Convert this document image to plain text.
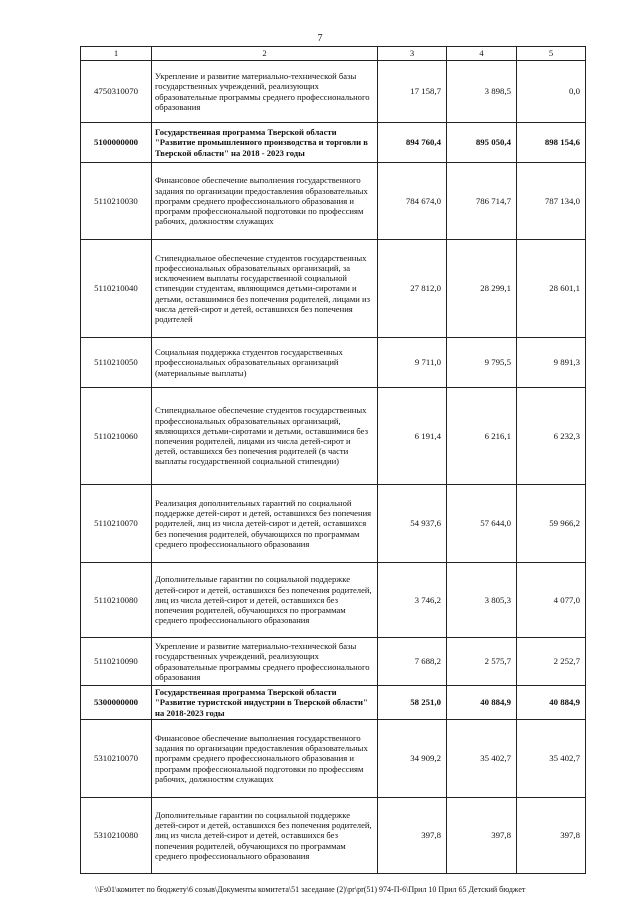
7
1	2	3	4	5
4750310070	Укрепление и развитие материально-технической базы государственных учреждений, реализующих образовательные программы среднего профессионального образования	17 158,7	3 898,5	0,0
5100000000	Государственная программа Тверской области "Развитие промышленного производства и торговли в Тверской области" на 2018 - 2023 годы	894 760,4	895 050,4	898 154,6
5110210030	Финансовое обеспечение выполнения государственного задания по организации предоставления образовательных программ среднего профессионального образования и программ профессиональной подготовки по профессиям рабочих, должностям служащих	784 674,0	786 714,7	787 134,0
5110210040	Стипендиальное обеспечение студентов государственных профессиональных образовательных организаций, за исключением выплаты государственной социальной стипендии студентам, являющимся детьми-сиротами и детьми, оставшимися без попечения родителей, лицами из числа детей-сирот и детей, оставшихся без попечения родителей	27 812,0	28 299,1	28 601,1
5110210050	Социальная поддержка студентов государственных профессиональных образовательных организаций (материальные выплаты)	9 711,0	9 795,5	9 891,3
5110210060	Стипендиальное обеспечение студентов государственных профессиональных образовательных организаций, являющихся детьми-сиротами и детьми, оставшимися без попечения родителей, лицами из числа детей-сирот и детей, оставшихся без попечения родителей (в части выплаты государственной социальной стипендии)	6 191,4	6 216,1	6 232,3
5110210070	Реализация дополнительных гарантий по социальной поддержке детей-сирот и детей, оставшихся без попечения родителей, лиц из числа детей-сирот и детей, оставшихся без попечения родителей, обучающихся по программам среднего профессионального образования	54 937,6	57 644,0	59 966,2
5110210080	Дополнительные гарантии по социальной поддержке детей-сирот и детей, оставшихся без попечения родителей, лиц из числа детей-сирот и детей, оставшихся без попечения родителей, обучающихся по программам среднего профессионального образования	3 746,2	3 805,3	4 077,0
5110210090	Укрепление и развитие материально-технической базы государственных учреждений, реализующих образовательные программы среднего профессионального образования	7 688,2	2 575,7	2 252,7
5300000000	Государственная программа Тверской области "Развитие туристской индустрии в Тверской области" на 2018-2023 годы	58 251,0	40 884,9	40 884,9
5310210070	Финансовое обеспечение выполнения государственного задания по организации предоставления образовательных программ среднего профессионального образования и программ профессиональной подготовки по профессиям рабочих, должностям служащих	34 909,2	35 402,7	35 402,7
5310210080	Дополнительные гарантии по социальной поддержке детей-сирот и детей, оставшихся без попечения родителей, лиц из числа детей-сирот и детей, оставшихся без попечения родителей, обучающихся по программам среднего профессионального образования	397,8	397,8	397,8
\\Fs01\комитет по бюджету\6 созыв\Документы комитета\51 заседание (2)\pr\pr(51) 974-П-6\Прил 10 Прил 65 Детский бюджет
